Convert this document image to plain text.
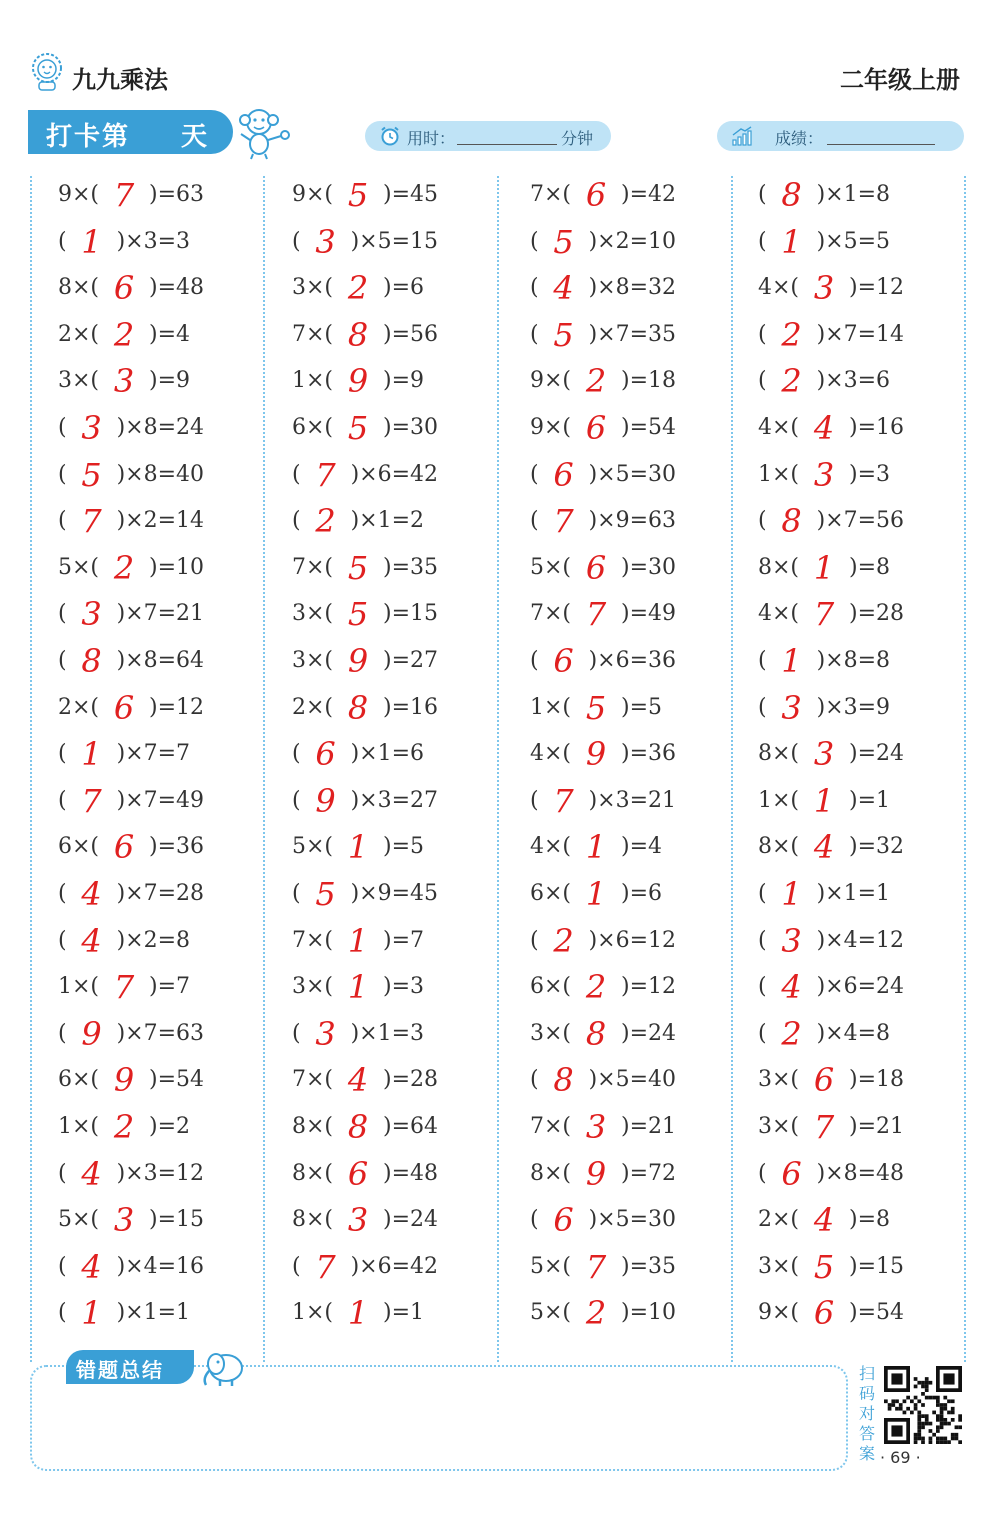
九九乘法	二年级上册
打卡第 天	用时：	分钟	成绩：
9×( 7 )=63
( 1 )×3=3
8×( 6 )=48
2×( 2 )=4
3×( 3 )=9
( 3 )×8=24
( 5 )×8=40
( 7 )×2=14
5×( 2 )=10
( 3 )×7=21
( 8 )×8=64
2×( 6 )=12
( 1 )×7=7
( 7 )×7=49
6×( 6 )=36
( 4 )×7=28
( 4 )×2=8
1×( 7 )=7
( 9 )×7=63
6×( 9 )=54
1×( 2 )=2
( 4 )×3=12
5×( 3 )=15
( 4 )×4=16
( 1 )×1=1
9×( 5 )=45
( 3 )×5=15
3×( 2 )=6
7×( 8 )=56
1×( 9 )=9
6×( 5 )=30
( 7 )×6=42
( 2 )×1=2
7×( 5 )=35
3×( 5 )=15
3×( 9 )=27
2×( 8 )=16
( 6 )×1=6
( 9 )×3=27
5×( 1 )=5
( 5 )×9=45
7×( 1 )=7
3×( 1 )=3
( 3 )×1=3
7×( 4 )=28
8×( 8 )=64
8×( 6 )=48
8×( 3 )=24
( 7 )×6=42
1×( 1 )=1
7×( 6 )=42
( 5 )×2=10
( 4 )×8=32
( 5 )×7=35
9×( 2 )=18
9×( 6 )=54
( 6 )×5=30
( 7 )×9=63
5×( 6 )=30
7×( 7 )=49
( 6 )×6=36
1×( 5 )=5
4×( 9 )=36
( 7 )×3=21
4×( 1 )=4
6×( 1 )=6
( 2 )×6=12
6×( 2 )=12
3×( 8 )=24
( 8 )×5=40
7×( 3 )=21
8×( 9 )=72
( 6 )×5=30
5×( 7 )=35
5×( 2 )=10
( 8 )×1=8
( 1 )×5=5
4×( 3 )=12
( 2 )×7=14
( 2 )×3=6
4×( 4 )=16
1×( 3 )=3
( 8 )×7=56
8×( 1 )=8
4×( 7 )=28
( 1 )×8=8
( 3 )×3=9
8×( 3 )=24
1×( 1 )=1
8×( 4 )=32
( 1 )×1=1
( 3 )×4=12
( 4 )×6=24
( 2 )×4=8
3×( 6 )=18
3×( 7 )=21
( 6 )×8=48
2×( 4 )=8
3×( 5 )=15
9×( 6 )=54
错题总结	扫
码
对
答
案 · 69 ·
